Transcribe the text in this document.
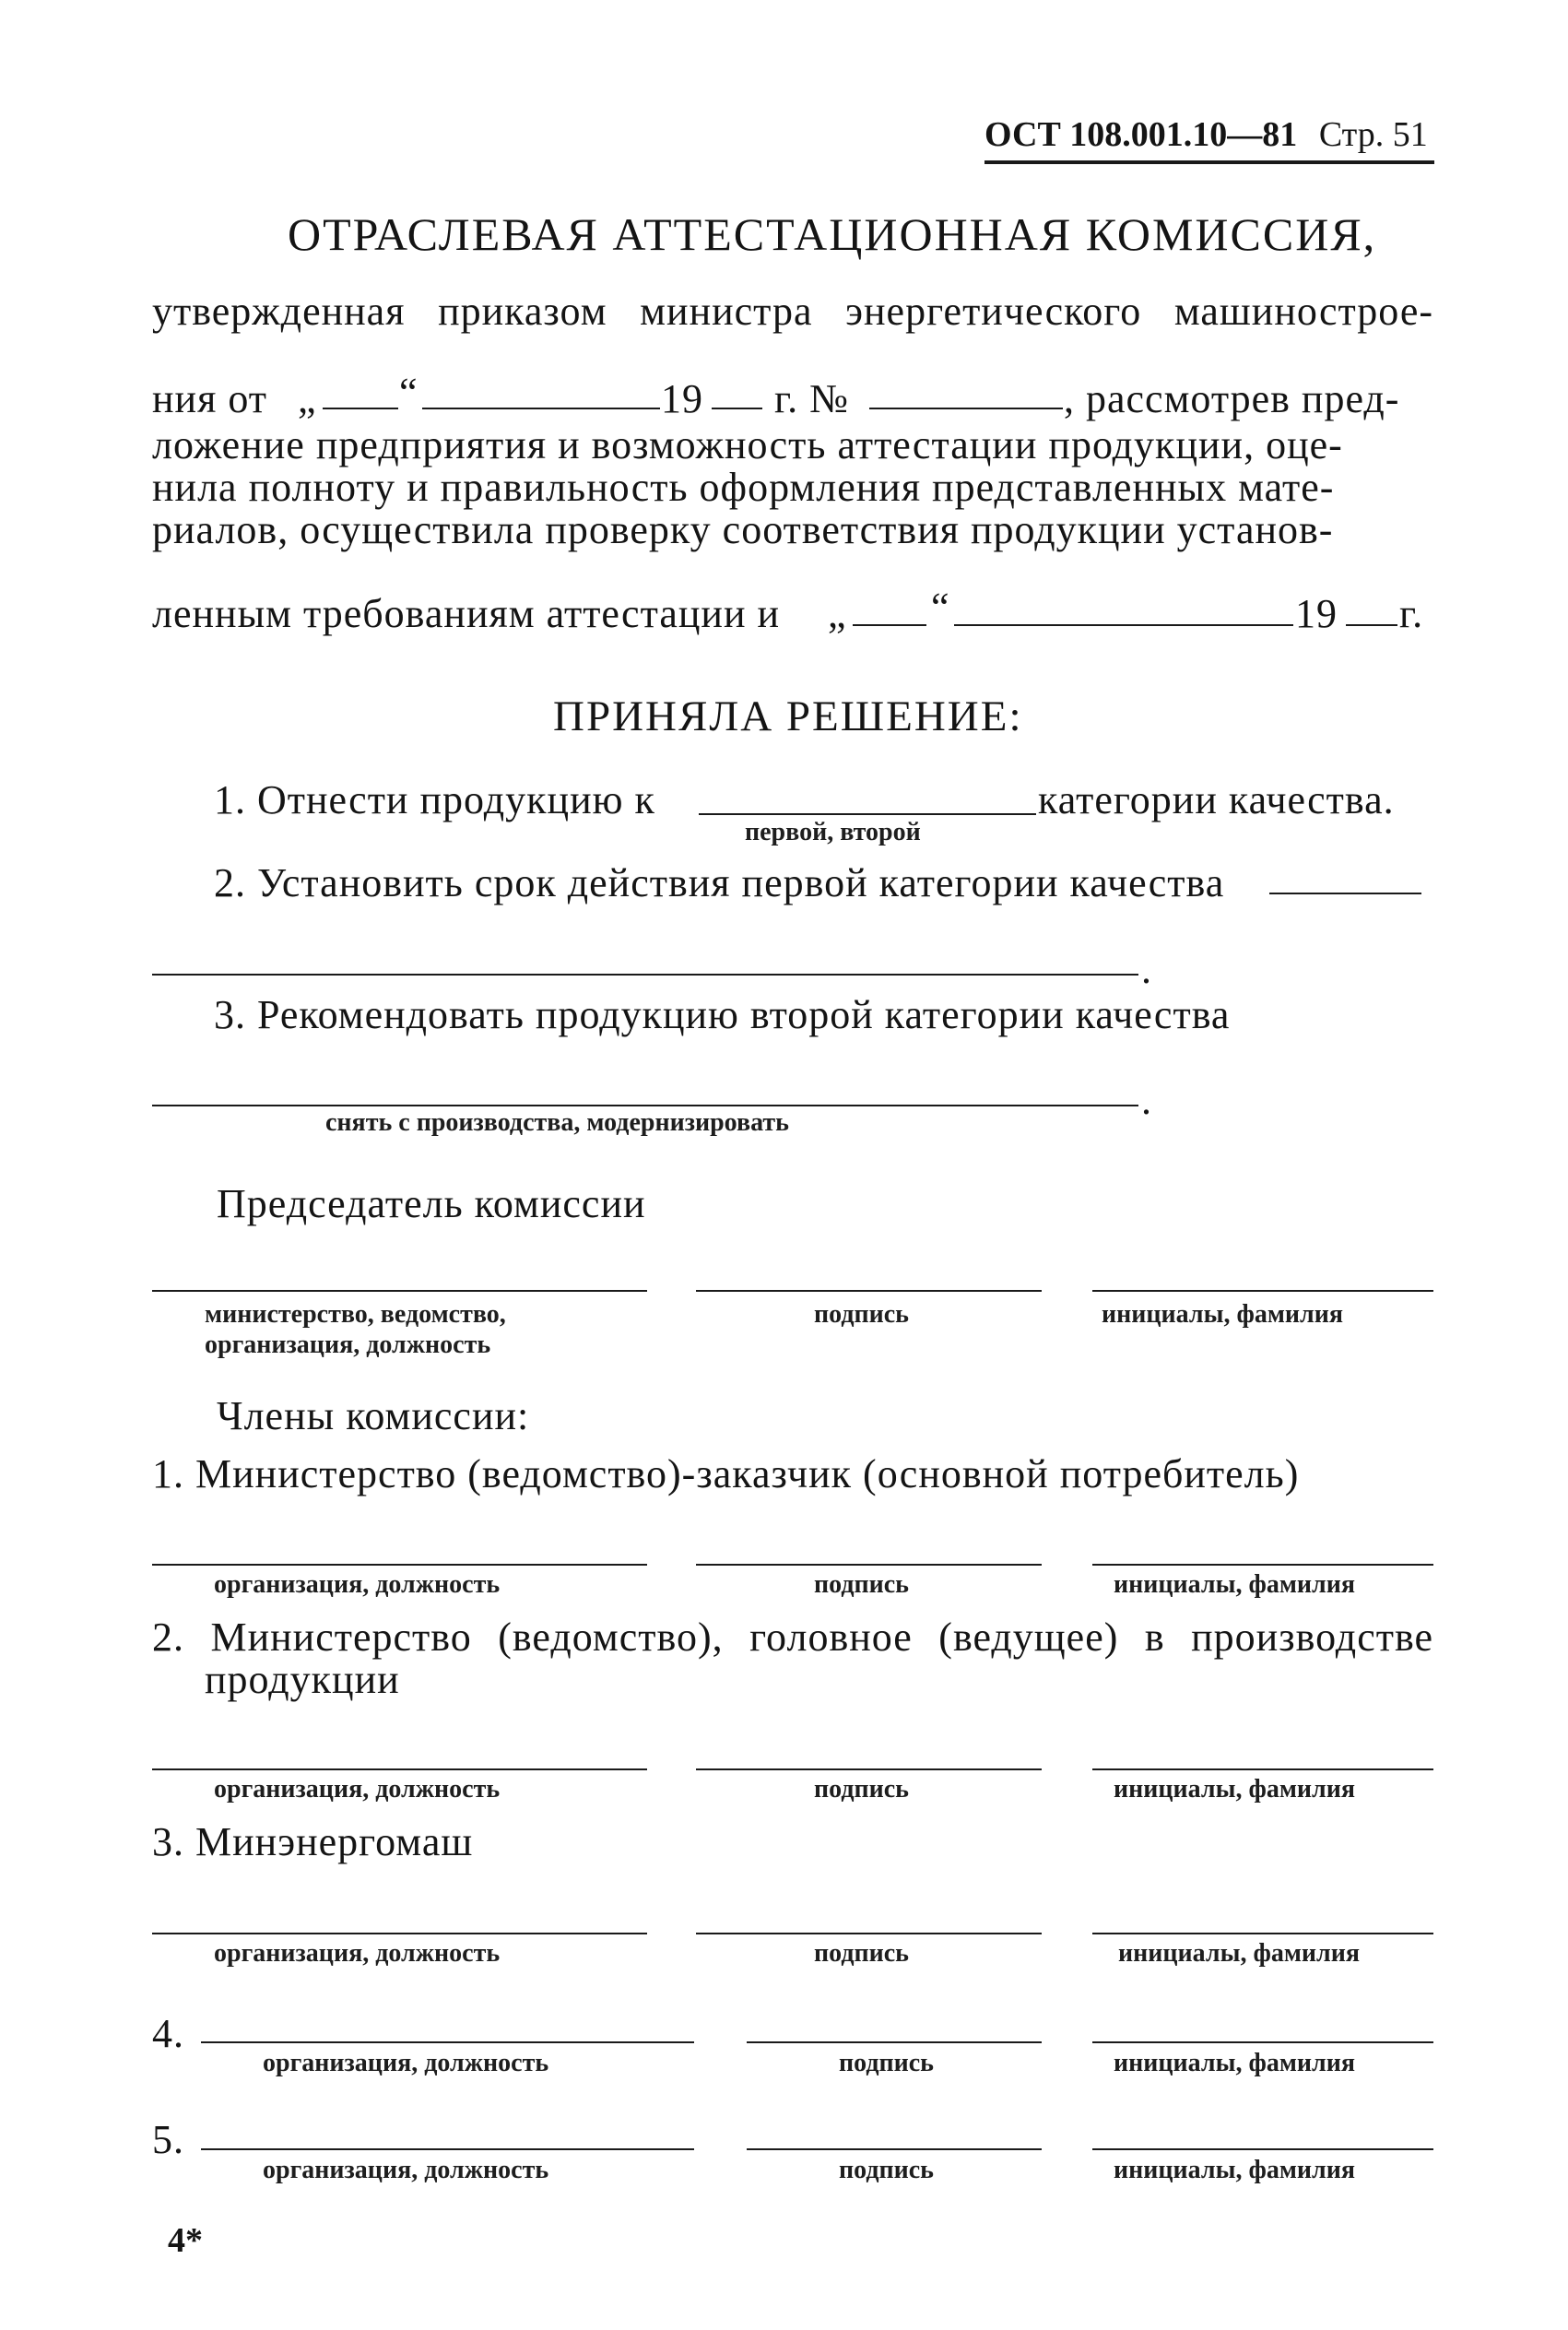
ОСТ 108.001.10—81 Стр. 51
ОТРАСЛЕВАЯ АТТЕСТАЦИОННАЯ КОМИССИЯ,
утвержденная приказом министра энергетического машинострое-
ния от „ “	19 г. №	, рассмотрев пред-
ложение предприятия и возможность аттестации продукции, оце-
нила полноту и правильность оформления представленных мате-
риалов, осуществила проверку соответствия продукции установ-
ленным требованиям аттестации и „ “	19 г.
ПРИНЯЛА РЕШЕНИЕ:
1. Отнести продукцию к
первой, второй
категории качества.
2. Установить срок действия первой категории качества
.
3. Рекомендовать продукцию второй категории качества
.
снять с производства, модернизировать
Председатель комиссии
министерство, ведомство,
организация, должность
подпись	инициалы, фамилия
Члены комиссии:
1. Министерство (ведомство)-заказчик (основной потребитель)
организация, должность	подпись	инициалы, фамилия
2. Министерство (ведомство), головное (ведущее) в производстве
продукции
организация, должность	подпись	инициалы, фамилия
3. Минэнергомаш
организация, должность	подпись	инициалы, фамилия
4.
организация, должность	подпись	инициалы, фамилия
5.
организация, должность	подпись	инициалы, фамилия
4*
